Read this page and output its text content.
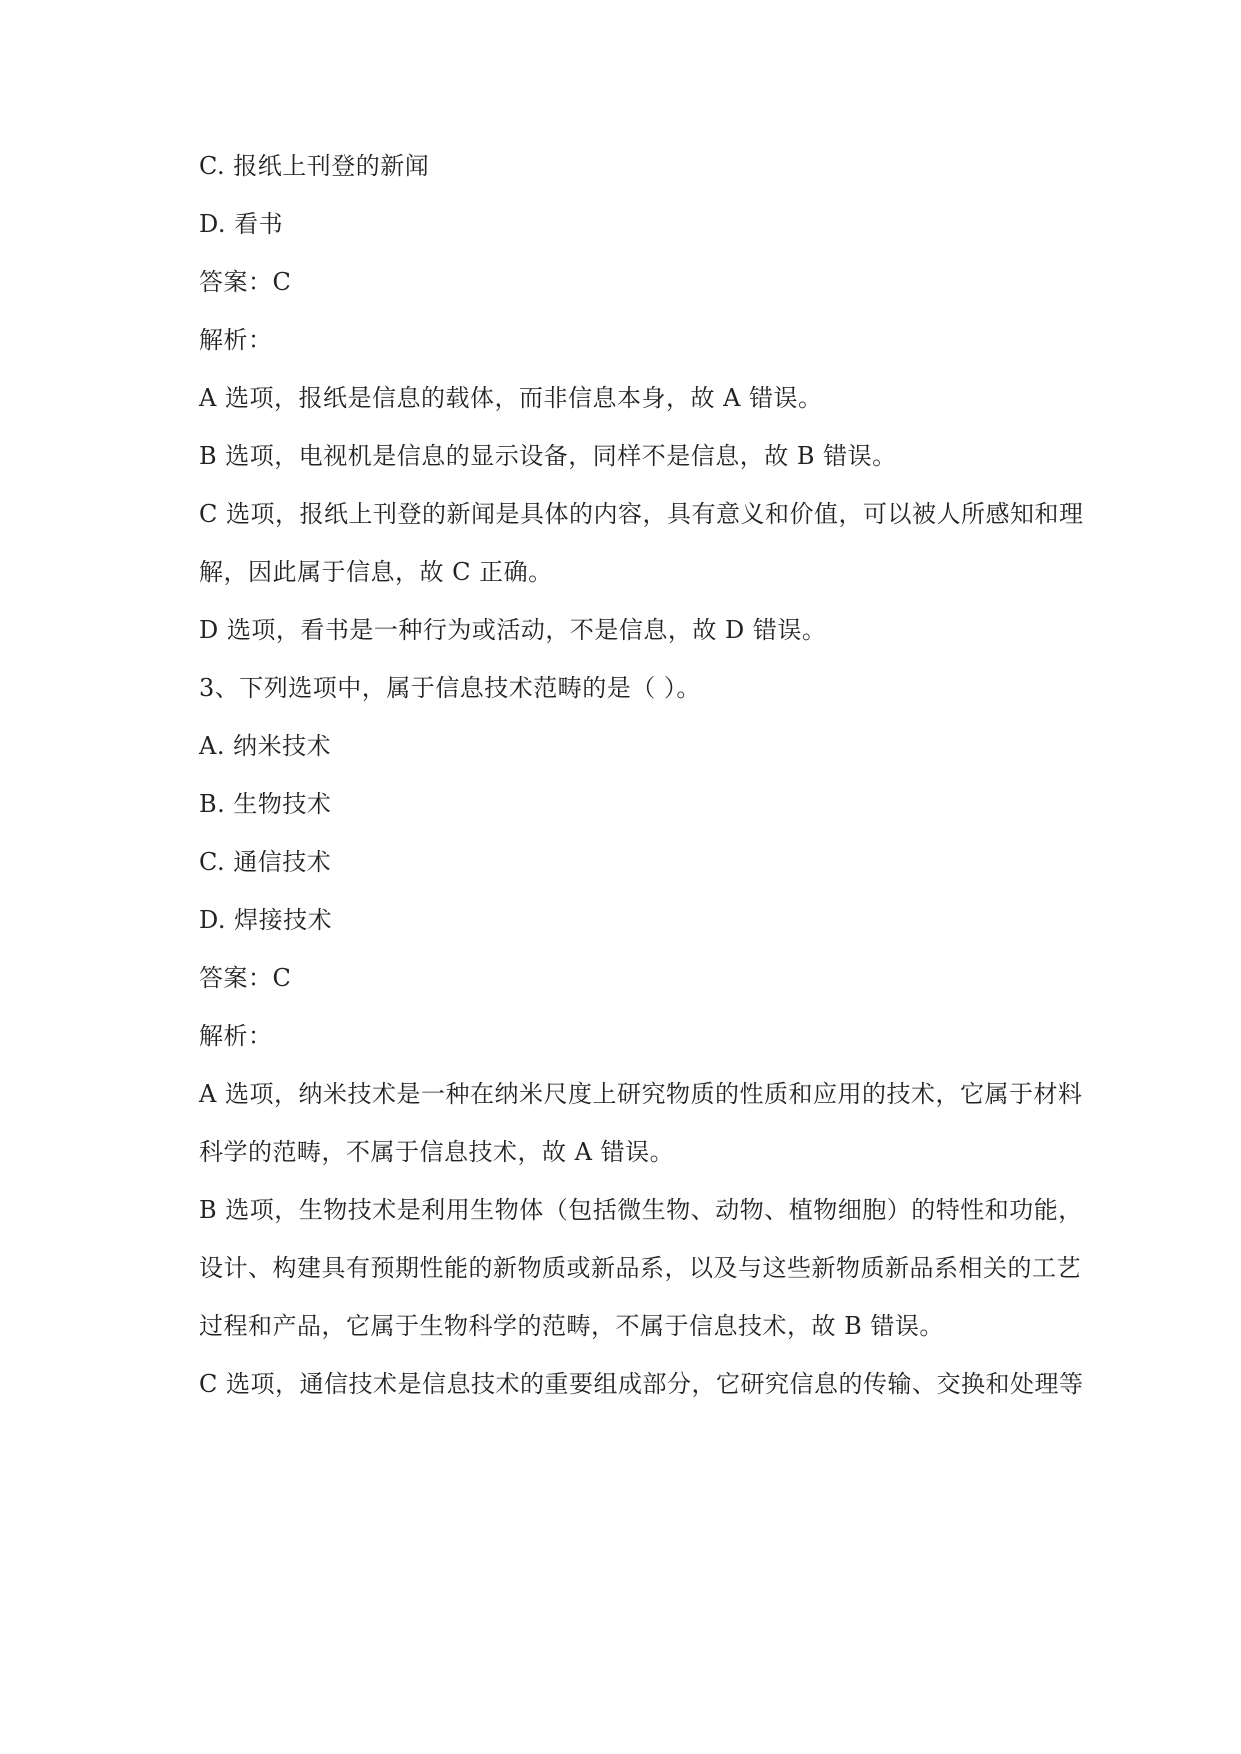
C. 报纸上刊登的新闻
D. 看书
答案：C
解析：
A 选项，报纸是信息的载体，而非信息本身，故 A 错误。
B 选项，电视机是信息的显示设备，同样不是信息，故 B 错误。
C 选项，报纸上刊登的新闻是具体的内容，具有意义和价值，可以被人所感知和理
解，因此属于信息，故 C 正确。
D 选项，看书是一种行为或活动，不是信息，故 D 错误。
3、下列选项中，属于信息技术范畴的是（ ）。
A. 纳米技术
B. 生物技术
C. 通信技术
D. 焊接技术
答案：C
解析：
A 选项，纳米技术是一种在纳米尺度上研究物质的性质和应用的技术，它属于材料
科学的范畴，不属于信息技术，故 A 错误。
B 选项，生物技术是利用生物体（包括微生物、动物、植物细胞）的特性和功能，
设计、构建具有预期性能的新物质或新品系，以及与这些新物质新品系相关的工艺
过程和产品，它属于生物科学的范畴，不属于信息技术，故 B 错误。
C 选项，通信技术是信息技术的重要组成部分，它研究信息的传输、交换和处理等
